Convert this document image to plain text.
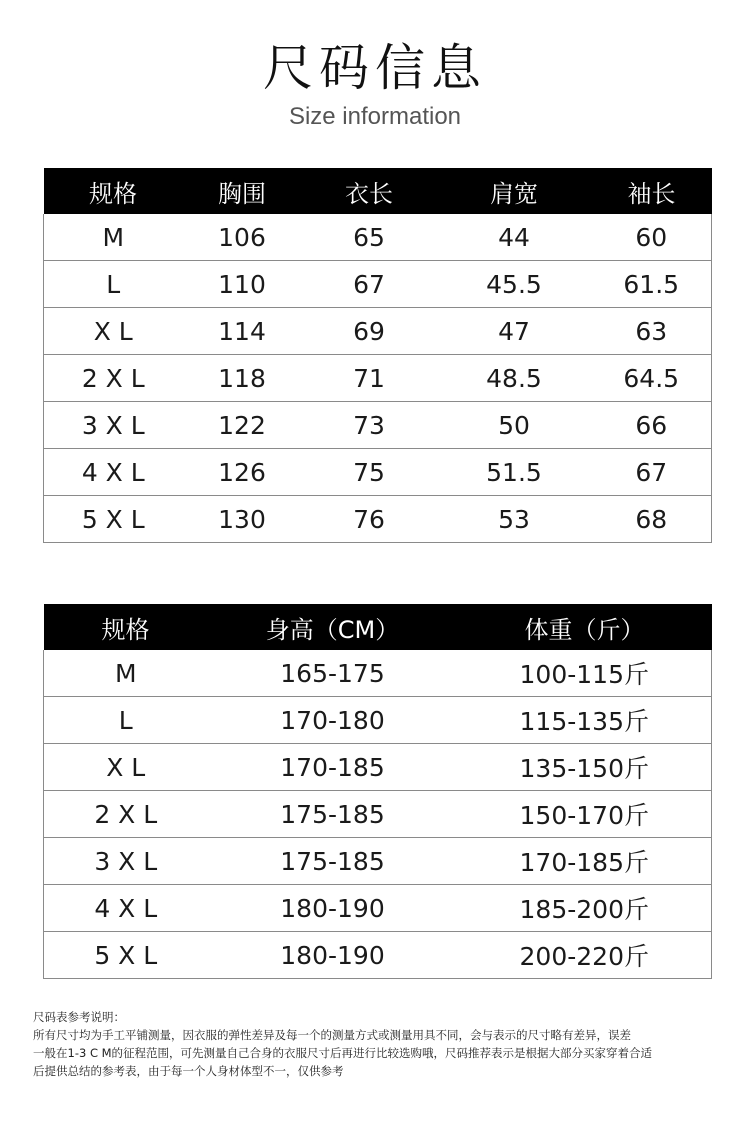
尺码信息
Size information
规格	胸围	衣长	肩宽	袖长
M	106	65	44	60
L	110	67	45.5	61.5
X L	114	69	47	63
2 X L	118	71	48.5	64.5
3 X L	122	73	50	66
4 X L	126	75	51.5	67
5 X L	130	76	53	68
规格	身高（CM）	体重（斤）
M	165-175	100-115斤
L	170-180	115-135斤
X L	170-185	135-150斤
2 X L	175-185	150-170斤
3 X L	175-185	170-185斤
4 X L	180-190	185-200斤
5 X L	180-190	200-220斤
尺码表参考说明：
所有尺寸均为手工平铺测量，因衣服的弹性差异及每一个的测量方式或测量用具不同，会与表示的尺寸略有差异，误差
一般在1-3 C M的征程范围，可先测量自己合身的衣服尺寸后再进行比较选购哦，尺码推荐表示是根据大部分买家穿着合适
后提供总结的参考表，由于每一个人身材体型不一，仅供参考
